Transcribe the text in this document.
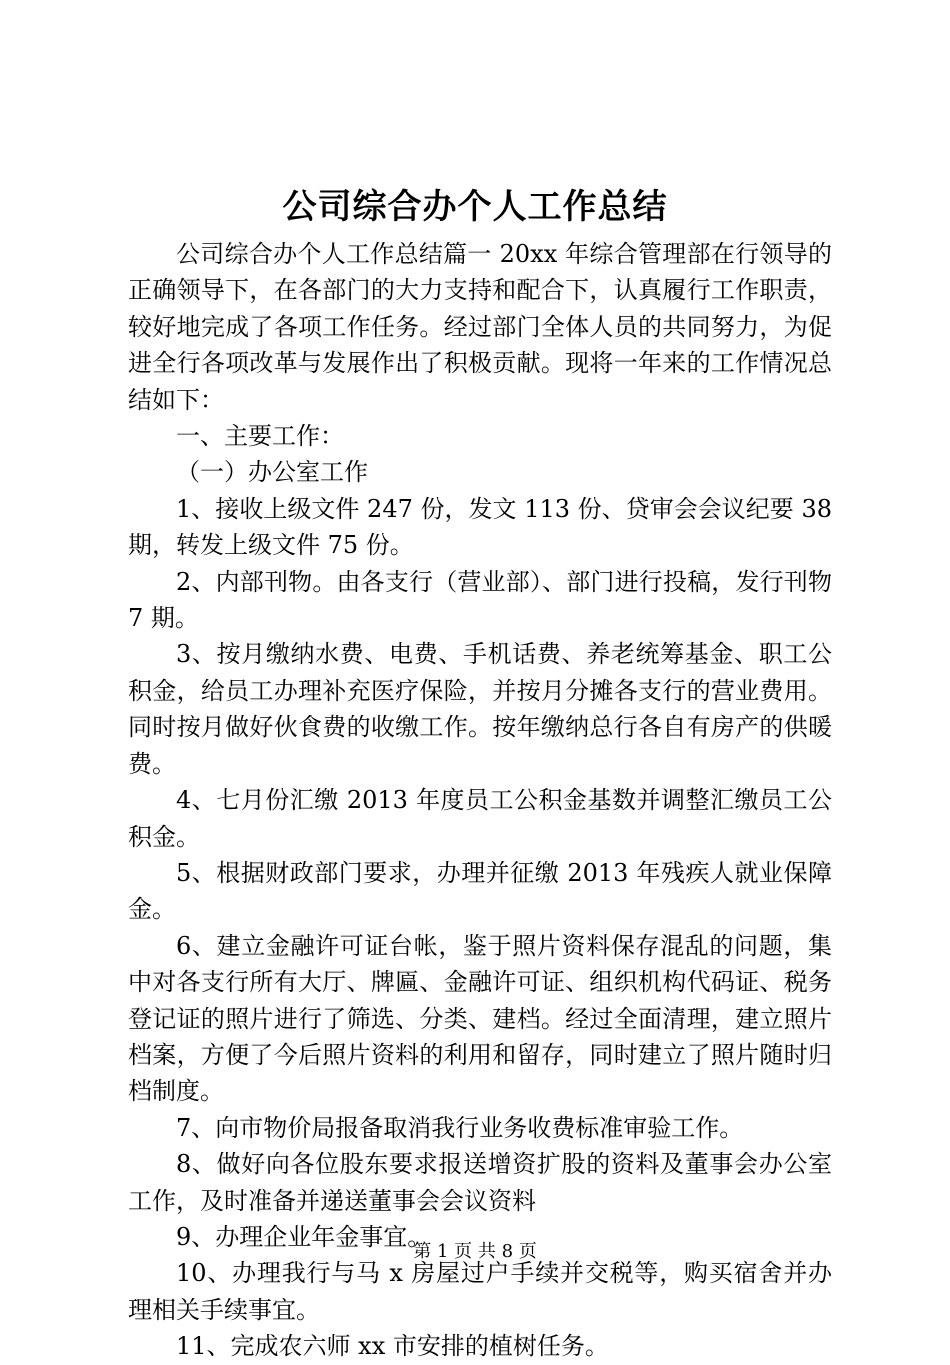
公司综合办个人工作总结

公司综合办个人工作总结篇一 20xx 年综合管理部在行领导的正确领导下，在各部门的大力支持和配合下，认真履行工作职责，较好地完成了各项工作任务。经过部门全体人员的共同努力，为促进全行各项改革与发展作出了积极贡献。现将一年来的工作情况总结如下：

一、主要工作：

（一）办公室工作

1、接收上级文件 247 份，发文 113 份、贷审会会议纪要 38 期，转发上级文件 75 份。

2、内部刊物。由各支行（营业部）、部门进行投稿，发行刊物 7 期。

3、按月缴纳水费、电费、手机话费、养老统筹基金、职工公积金，给员工办理补充医疗保险，并按月分摊各支行的营业费用。同时按月做好伙食费的收缴工作。按年缴纳总行各自有房产的供暖费。

4、七月份汇缴 2013 年度员工公积金基数并调整汇缴员工公积金。

5、根据财政部门要求，办理并征缴 2013 年残疾人就业保障金。

6、建立金融许可证台帐，鉴于照片资料保存混乱的问题，集中对各支行所有大厅、牌匾、金融许可证、组织机构代码证、税务登记证的照片进行了筛选、分类、建档。经过全面清理，建立照片档案，方便了今后照片资料的利用和留存，同时建立了照片随时归档制度。

7、向市物价局报备取消我行业务收费标准审验工作。

8、做好向各位股东要求报送增资扩股的资料及董事会办公室工作，及时准备并递送董事会会议资料

9、办理企业年金事宜。

10、办理我行与马 x 房屋过户手续并交税等，购买宿舍并办理相关手续事宜。

11、完成农六师 xx 市安排的植树任务。

第 1 页 共 8 页
